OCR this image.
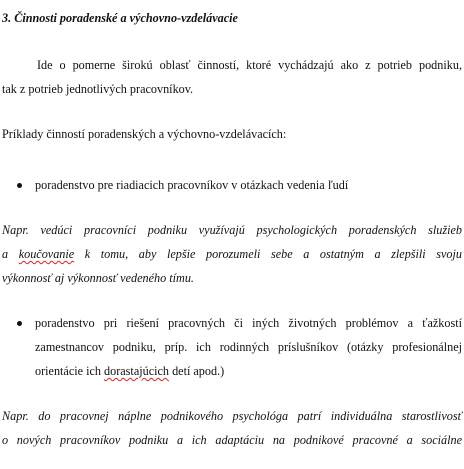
3. Činnosti poradenské a výchovno-vzdelávacie
Ide o pomerne širokú oblasť činností, ktoré vychádzajú ako z potrieb podniku,
tak z potrieb jednotlivých pracovníkov.
Príklady činností poradenských a výchovno-vzdelávacích:
poradenstvo pre riadiacich pracovníkov v otázkach vedenia ľudí
Napr. vedúci pracovníci podniku využívajú psychologických poradenských služieb
a koučovanie k tomu, aby lepšie porozumeli sebe a ostatným a zlepšili svoju
výkonnosť aj výkonnosť vedeného tímu.
poradenstvo pri riešení pracovných či iných životných problémov a ťažkostí
zamestnancov podniku, príp. ich rodinných príslušníkov (otázky profesionálnej
orientácie ich dorastajúcich detí apod.)
Napr. do pracovnej náplne podnikového psychológa patrí individuálna starostlivosť
o nových pracovníkov podniku a ich adaptáciu na podnikové pracovné a sociálne
